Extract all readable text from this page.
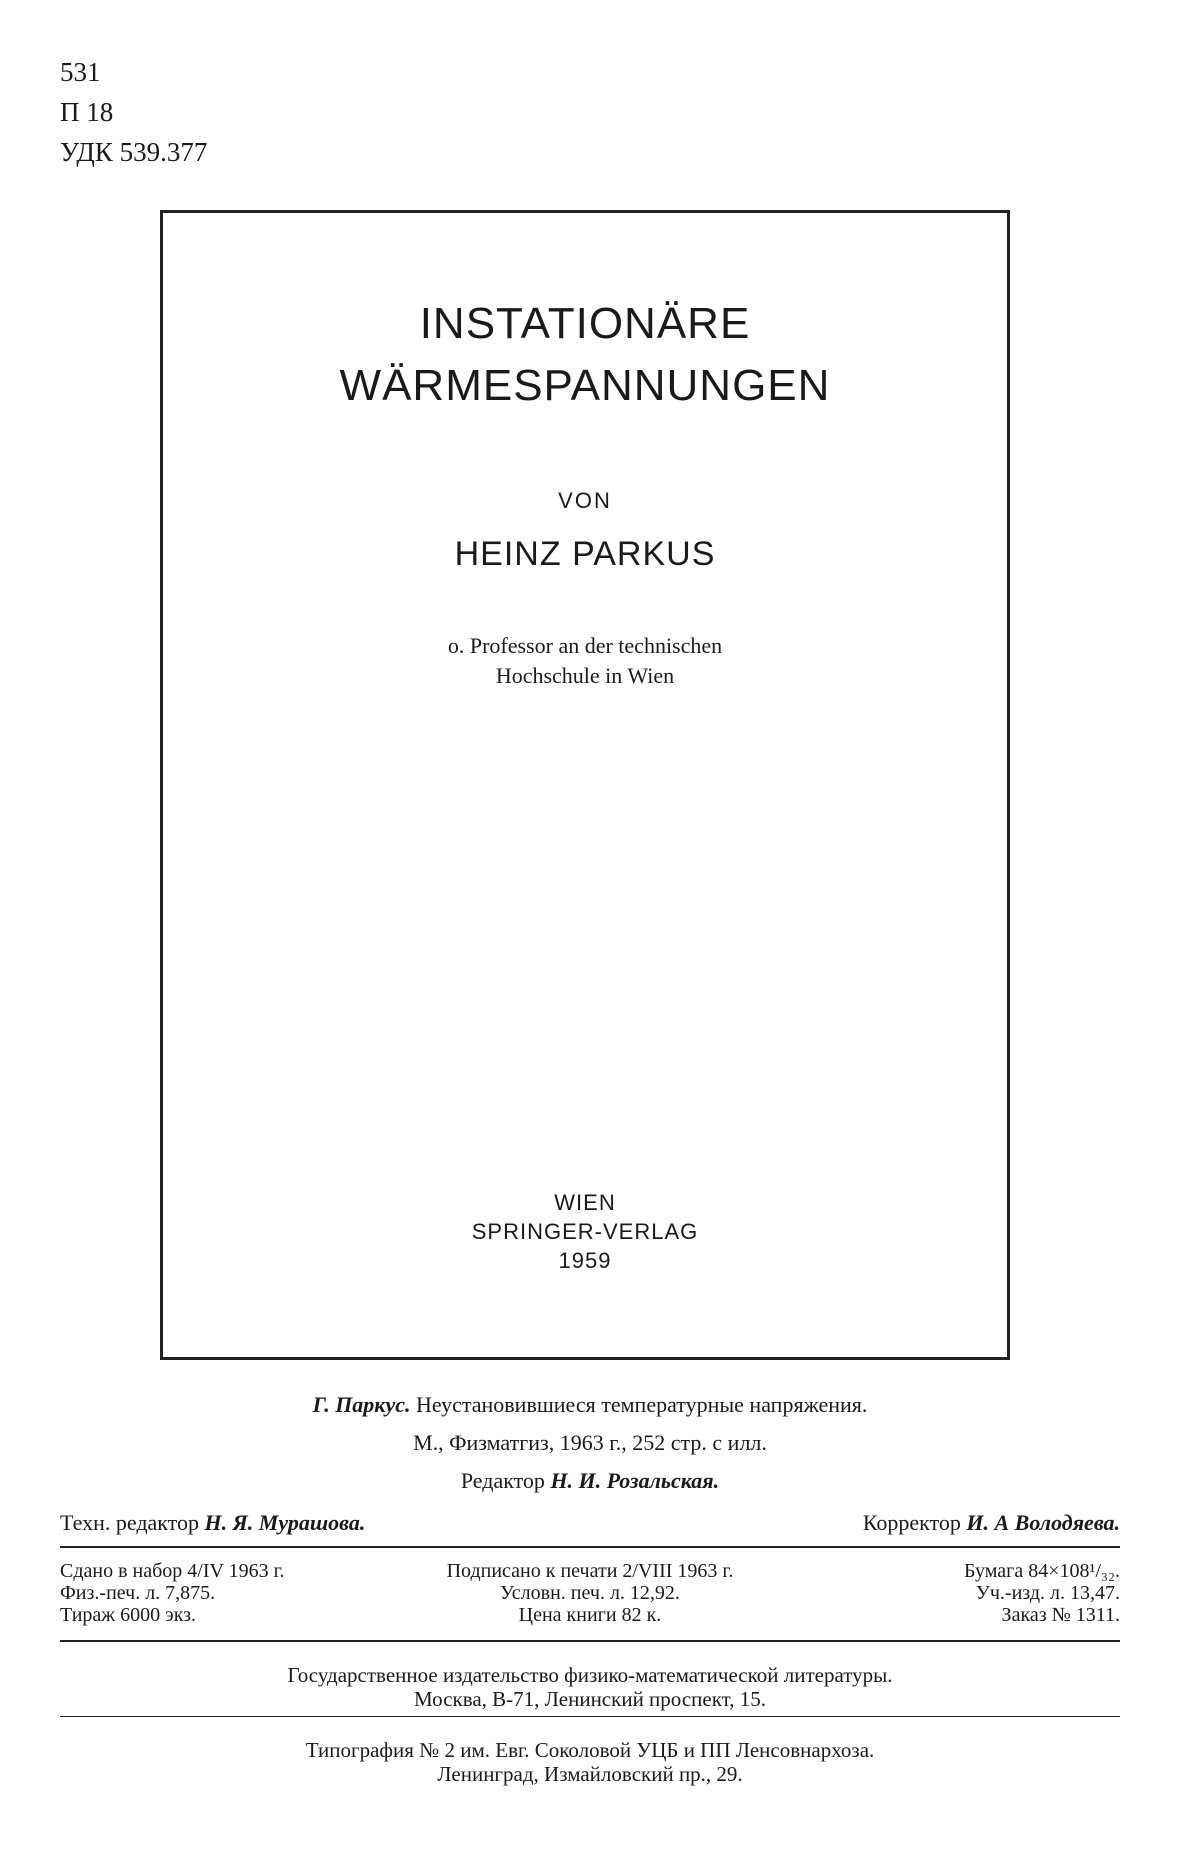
531
П 18
УДК 539.377
INSTATIONÄRE
WÄRMESPANNUNGEN
VON
HEINZ PARKUS
o. Professor an der technischen
Hochschule in Wien
WIEN
SPRINGER-VERLAG
1959
Г. Паркус. Неустановившиеся температурные напряжения.
М., Физматгиз, 1963 г., 252 стр. с илл.
Редактор Н. И. Розальская.
Техн. редактор Н. Я. Мурашова.	Корректор И. А Володяева.
Сдано в набор 4/IV 1963 г.	Подписано к печати 2/VIII 1963 г.	Бумага 84×108¹/₃₂.
Физ.-печ. л. 7,875.	Условн. печ. л. 12,92.	Уч.-изд. л. 13,47.
Тираж 6000 экз.	Цена книги 82 к.	Заказ № 1311.
Государственное издательство физико-математической литературы.
Москва, В-71, Ленинский проспект, 15.
Типография № 2 им. Евг. Соколовой УЦБ и ПП Ленсовнархоза.
Ленинград, Измайловский пр., 29.
